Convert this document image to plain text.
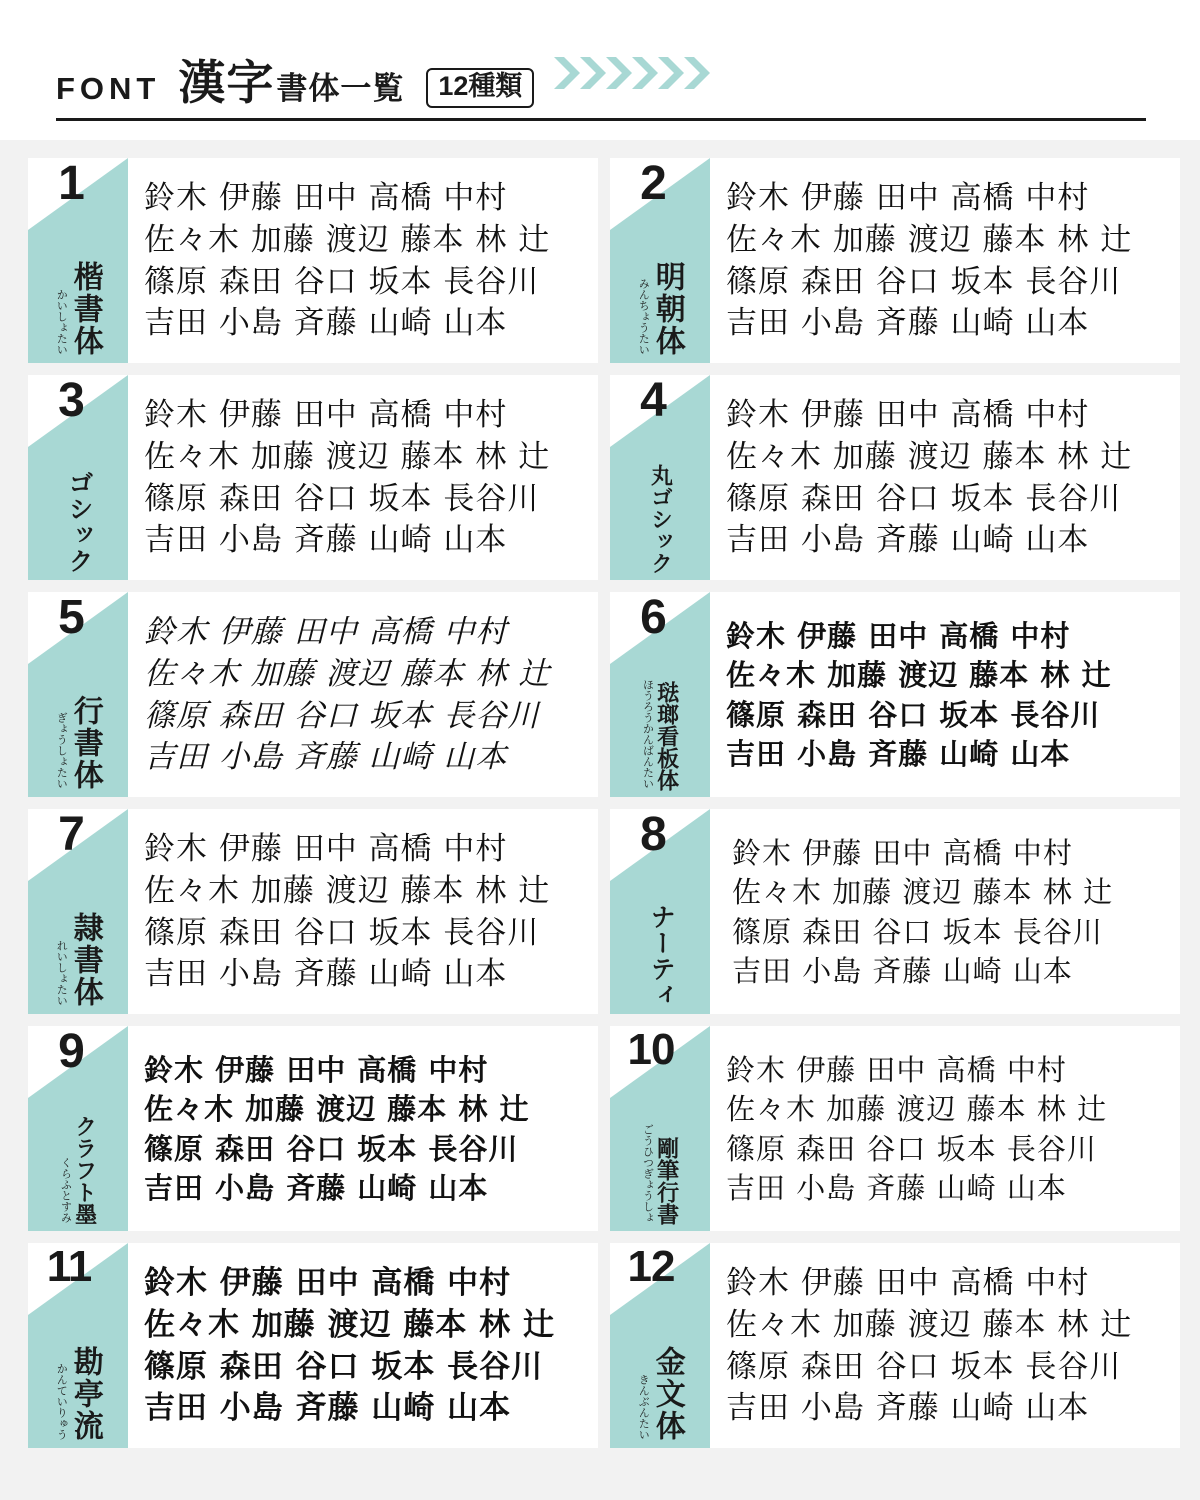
FONT 漢字 書体一覧	12種類
1
楷書体
かいしょたい
鈴木 伊藤 田中 高橋 中村
佐々木 加藤 渡辺 藤本 林 辻
篠原 森田 谷口 坂本 長谷川
吉田 小島 斉藤 山崎 山本
2
明朝体
みんちょうたい
鈴木 伊藤 田中 高橋 中村
佐々木 加藤 渡辺 藤本 林 辻
篠原 森田 谷口 坂本 長谷川
吉田 小島 斉藤 山崎 山本
3
ゴシック
鈴木 伊藤 田中 高橋 中村
佐々木 加藤 渡辺 藤本 林 辻
篠原 森田 谷口 坂本 長谷川
吉田 小島 斉藤 山崎 山本
4
丸ゴシック
鈴木 伊藤 田中 高橋 中村
佐々木 加藤 渡辺 藤本 林 辻
篠原 森田 谷口 坂本 長谷川
吉田 小島 斉藤 山崎 山本
5
行書体
ぎょうしょたい
鈴木 伊藤 田中 高橋 中村
佐々木 加藤 渡辺 藤本 林 辻
篠原 森田 谷口 坂本 長谷川
吉田 小島 斉藤 山崎 山本
6
琺瑯看板体
ほうろうかんばんたい
鈴木 伊藤 田中 高橋 中村
佐々木 加藤 渡辺 藤本 林 辻
篠原 森田 谷口 坂本 長谷川
吉田 小島 斉藤 山崎 山本
7
隷書体
れいしょたい
鈴木 伊藤 田中 高橋 中村
佐々木 加藤 渡辺 藤本 林 辻
篠原 森田 谷口 坂本 長谷川
吉田 小島 斉藤 山崎 山本
8
ナーティ
鈴木 伊藤 田中 高橋 中村
佐々木 加藤 渡辺 藤本 林 辻
篠原 森田 谷口 坂本 長谷川
吉田 小島 斉藤 山崎 山本
9
クラフト墨
くらふとすみ
鈴木 伊藤 田中 高橋 中村
佐々木 加藤 渡辺 藤本 林 辻
篠原 森田 谷口 坂本 長谷川
吉田 小島 斉藤 山崎 山本
10
剛筆行書
ごうひつぎょうしょ
鈴木 伊藤 田中 高橋 中村
佐々木 加藤 渡辺 藤本 林 辻
篠原 森田 谷口 坂本 長谷川
吉田 小島 斉藤 山崎 山本
11
勘亭流
かんていりゅう
鈴木 伊藤 田中 高橋 中村
佐々木 加藤 渡辺 藤本 林 辻
篠原 森田 谷口 坂本 長谷川
吉田 小島 斉藤 山崎 山本
12
金文体
きんぶんたい
鈴木 伊藤 田中 高橋 中村
佐々木 加藤 渡辺 藤本 林 辻
篠原 森田 谷口 坂本 長谷川
吉田 小島 斉藤 山崎 山本
